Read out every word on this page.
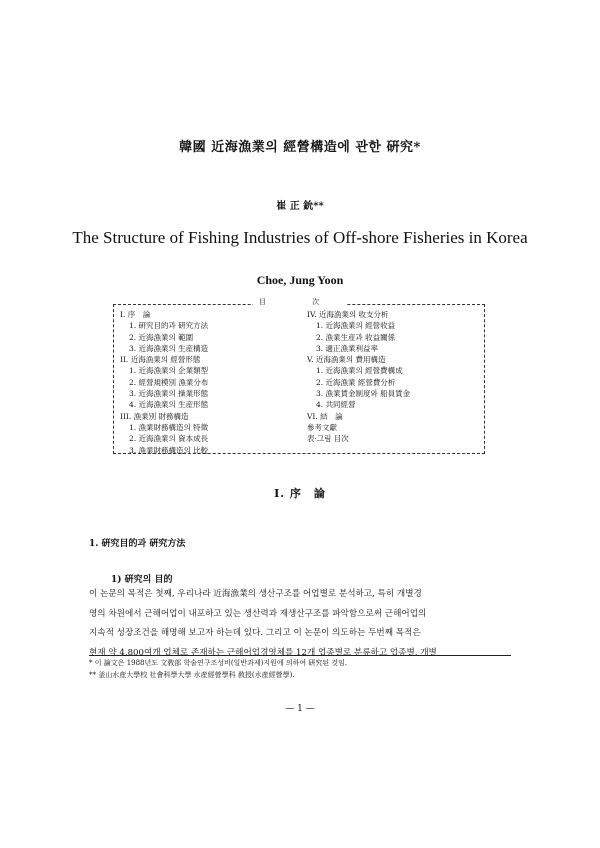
韓國 近海漁業의 經營構造에 관한 硏究*
崔 正 鈗**
The Structure of Fishing Industries of Off-shore Fisheries in Korea
Choe, Jung Yoon
目 次
I. 序　論
1. 硏究目的과 硏究方法
2. 近海漁業의 範圍
3. 近海漁業의 生産構造
II. 近海漁業의 經營形態
1. 近海漁業의 企業類型
2. 經營規模別 漁業分布
3. 近海漁業의 操業形態
4. 近海漁業의 生産形態
III. 漁業別 財務構造
1. 漁業財務構造의 特徵
2. 近海漁業의 資本成長
3. 漁業財務構造의 比較
IV. 近海漁業의 收支分析
1. 近海漁業의 經營收益
2. 漁業生産과 收益關係
3. 適正漁業利益率
V. 近海漁業의 費用構造
1. 近海漁業의 經營費構成
2. 近海漁業 經營費分析
3. 漁業賃金制度와 船員賃金
4. 共同經營
VI. 結　論
參考文獻
表·그림 目次
I. 序　論
1. 硏究目的과 硏究方法
1) 硏究의 目的
이 논문의 목적은 첫째, 우리나라 近海漁業의 생산구조를 어업별로 분석하고, 특히 개별경
영의 차원에서 근해어업이 내포하고 있는 생산력과 재생산구조를 파악함으로써 근해어업의
지속적 성장조건을 해명해 보고자 하는데 있다. 그리고 이 논문이 의도하는 두번째 목적은
현재 약 4,800여개 업체로 존재하는 근해어업경영체를 12개 업종별로 분류하고 업종별, 개별
* 이 論文은 1988년도 文敎部 학술연구조성비(일반과제)지원에 의하여 硏究된 것임.
** 釜山水産大學校 社會科學大學 水産經營學科 敎授(水産經營學).
— 1 —
